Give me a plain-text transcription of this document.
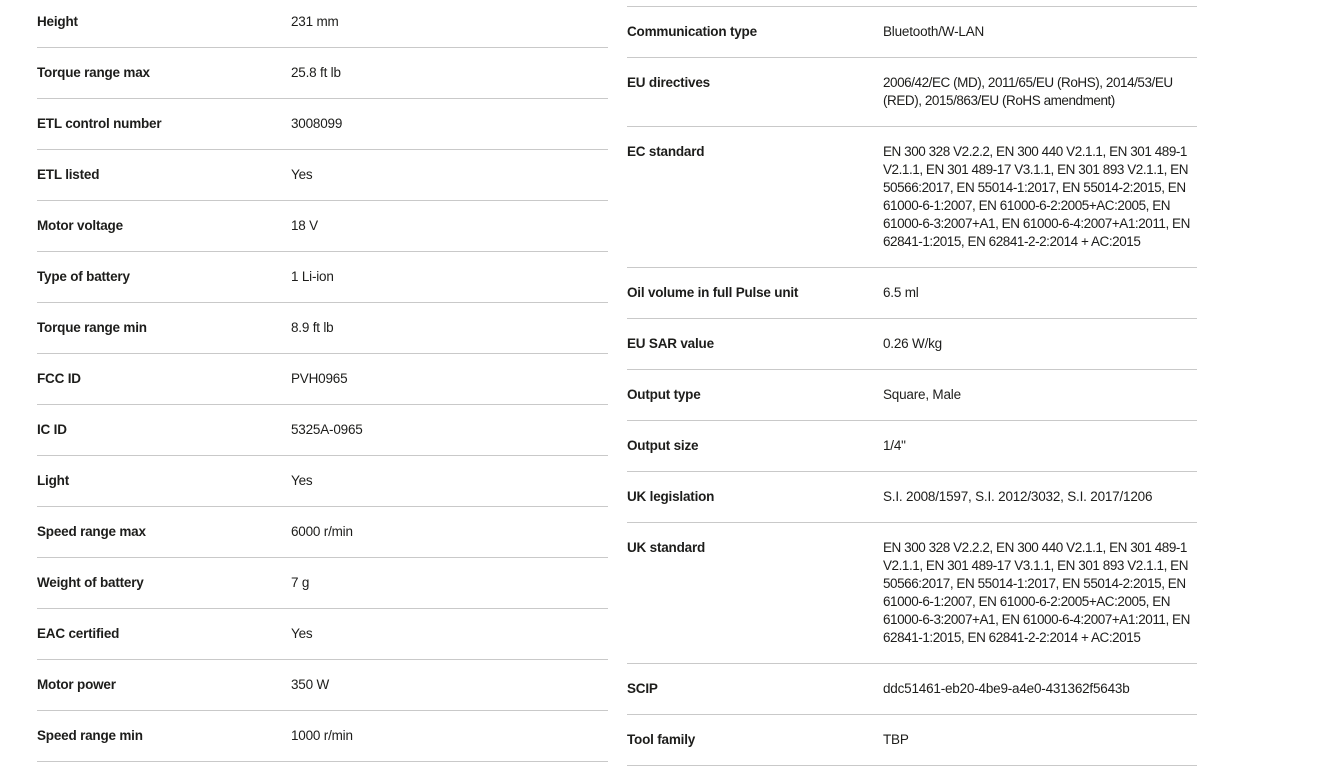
Height	231 mm
Torque range max	25.8 ft lb
ETL control number	3008099
ETL listed	Yes
Motor voltage	18 V
Type of battery	1 Li-ion
Torque range min	8.9 ft lb
FCC ID	PVH0965
IC ID	5325A-0965
Light	Yes
Speed range max	6000 r/min
Weight of battery	7 g
EAC certified	Yes
Motor power	350 W
Speed range min	1000 r/min
Communication type	Bluetooth/W-LAN
EU directives	2006/42/EC (MD), 2011/65/EU (RoHS), 2014/53/EU
(RED), 2015/863/EU (RoHS amendment)
EC standard	EN 300 328 V2.2.2, EN 300 440 V2.1.1, EN 301 489-1
V2.1.1, EN 301 489-17 V3.1.1, EN 301 893 V2.1.1, EN
50566:2017, EN 55014-1:2017, EN 55014-2:2015, EN
61000-6-1:2007, EN 61000-6-2:2005+AC:2005, EN
61000-6-3:2007+A1, EN 61000-6-4:2007+A1:2011, EN
62841-1:2015, EN 62841-2-2:2014 + AC:2015
Oil volume in full Pulse unit	6.5 ml
EU SAR value	0.26 W/kg
Output type	Square, Male
Output size	1/4"
UK legislation	S.I. 2008/1597, S.I. 2012/3032, S.I. 2017/1206
UK standard	EN 300 328 V2.2.2, EN 300 440 V2.1.1, EN 301 489-1
V2.1.1, EN 301 489-17 V3.1.1, EN 301 893 V2.1.1, EN
50566:2017, EN 55014-1:2017, EN 55014-2:2015, EN
61000-6-1:2007, EN 61000-6-2:2005+AC:2005, EN
61000-6-3:2007+A1, EN 61000-6-4:2007+A1:2011, EN
62841-1:2015, EN 62841-2-2:2014 + AC:2015
SCIP	ddc51461-eb20-4be9-a4e0-431362f5643b
Tool family	TBP
